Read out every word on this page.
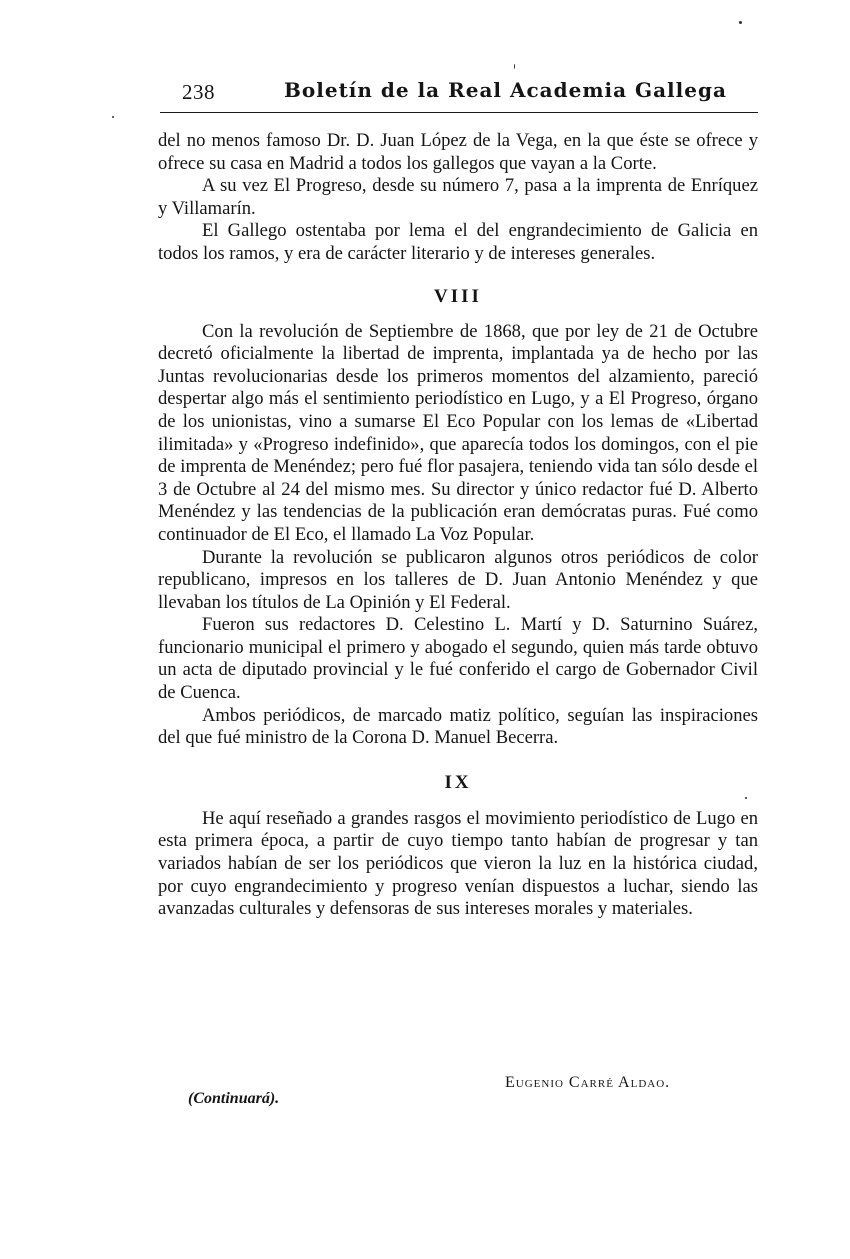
238	Boletín de la Real Academia Gallega

del no menos famoso Dr. D. Juan López de la Vega, en la que éste se ofrece y ofrece su casa en Madrid a todos los gallegos que vayan a la Corte.

A su vez El Progreso, desde su número 7, pasa a la imprenta de Enríquez y Villamarín.

El Gallego ostentaba por lema el del engrandecimiento de Galicia en todos los ramos, y era de carácter literario y de intereses generales.

VIII

Con la revolución de Septiembre de 1868, que por ley de 21 de Octubre decretó oficialmente la libertad de imprenta, implantada ya de hecho por las Juntas revolucionarias desde los primeros momentos del alzamiento, pareció despertar algo más el sentimiento periodístico en Lugo, y a El Progreso, órgano de los unionistas, vino a sumarse El Eco Popular con los lemas de «Libertad ilimitada» y «Progreso indefinido», que aparecía todos los domingos, con el pie de imprenta de Menéndez; pero fué flor pasajera, teniendo vida tan sólo desde el 3 de Octubre al 24 del mismo mes. Su director y único redactor fué D. Alberto Menéndez y las tendencias de la publicación eran demócratas puras. Fué como continuador de El Eco, el llamado La Voz Popular.

Durante la revolución se publicaron algunos otros periódicos de color republicano, impresos en los talleres de D. Juan Antonio Menéndez y que llevaban los títulos de La Opinión y El Federal.

Fueron sus redactores D. Celestino L. Martí y D. Saturnino Suárez, funcionario municipal el primero y abogado el segundo, quien más tarde obtuvo un acta de diputado provincial y le fué conferido el cargo de Gobernador Civil de Cuenca.

Ambos periódicos, de marcado matiz político, seguían las inspiraciones del que fué ministro de la Corona D. Manuel Becerra.

IX

He aquí reseñado a grandes rasgos el movimiento periodístico de Lugo en esta primera época, a partir de cuyo tiempo tanto habían de progresar y tan variados habían de ser los periódicos que vieron la luz en la histórica ciudad, por cuyo engrandecimiento y progreso venían dispuestos a luchar, siendo las avanzadas culturales y defensoras de sus intereses morales y materiales.

Eugenio Carré Aldao.
(Continuará).
